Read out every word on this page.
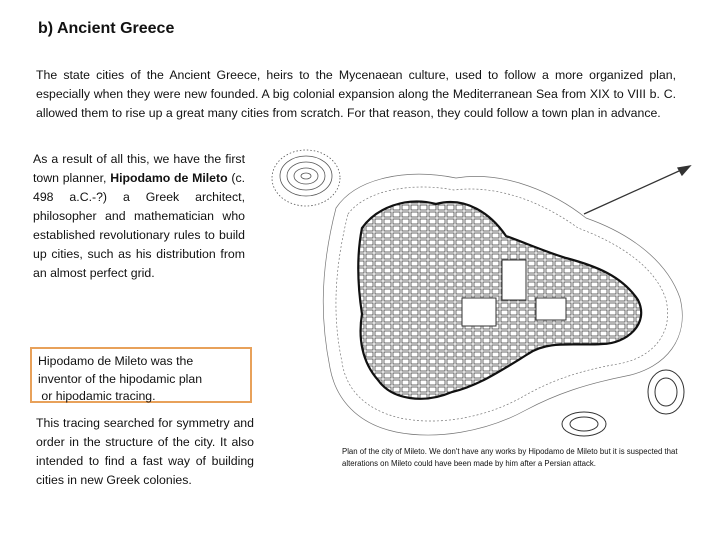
b) Ancient Greece
The state cities of the Ancient Greece, heirs to the Mycenaean culture, used to follow a more organized plan, especially when they were new founded. A big colonial expansion along the Mediterranean Sea from XIX to VIII b. C. allowed them to rise up a great many cities from scratch. For that reason, they could follow a town plan in advance.
As a result of all this, we have the first town planner, Hipodamo de Mileto (c. 498 a.C.-?) a Greek architect, philosopher and mathematician who established revolutionary rules to build up cities, such as his distribution from an almost perfect grid.
Hipodamo de Mileto was the
inventor of the hipodamic plan
or hipodamic tracing.
This tracing searched for symmetry and order in the structure of the city. It also intended to find a fast way of building cities in new Greek colonies.
Plan of the city of Mileto. We don't have any works by Hipodamo de Mileto but it is suspected that alterations on Mileto could have been made by him after a Persian attack.
